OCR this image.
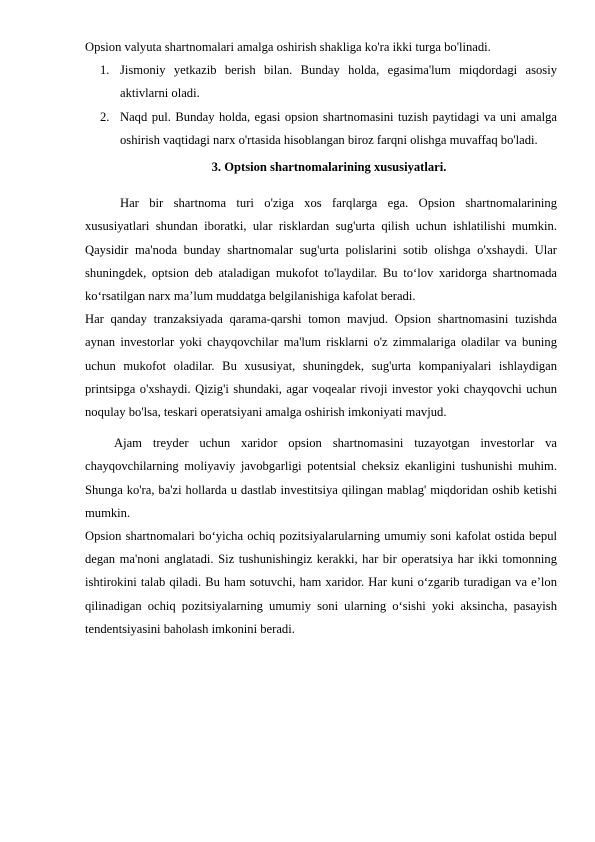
Opsion valyuta shartnomalari amalga oshirish shakliga ko'ra ikki turga bo'linadi.

1. Jismoniy yetkazib berish bilan. Bunday holda, egasima'lum miqdordagi asosiy aktivlarni oladi.
2. Naqd pul. Bunday holda, egasi opsion shartnomasini tuzish paytidagi va uni amalga oshirish vaqtidagi narx o'rtasida hisoblangan biroz farqni olishga muvaffaq bo'ladi.
3. Optsion shartnomalarining xususiyatlari.

Har bir shartnoma turi o'ziga xos farqlarga ega. Opsion shartnomalarining xususiyatlari shundan iboratki, ular risklardan sug'urta qilish uchun ishlatilishi mumkin. Qaysidir ma'noda bunday shartnomalar sug'urta polislarini sotib olishga o'xshaydi. Ular shuningdek, optsion deb ataladigan mukofot to'laydilar. Bu to‘lov xaridorga shartnomada ko‘rsatilgan narx ma’lum muddatga belgilanishiga kafolat beradi.

Har qanday tranzaksiyada qarama-qarshi tomon mavjud. Opsion shartnomasini tuzishda aynan investorlar yoki chayqovchilar ma'lum risklarni o'z zimmalariga oladilar va buning uchun mukofot oladilar. Bu xususiyat, shuningdek, sug'urta kompaniyalari ishlaydigan printsipga o'xshaydi. Qizig'i shundaki, agar voqealar rivoji investor yoki chayqovchi uchun noqulay bo'lsa, teskari operatsiyani amalga oshirish imkoniyati mavjud.

Ajam treyder uchun xaridor opsion shartnomasini tuzayotgan investorlar va chayqovchilarning moliyaviy javobgarligi potentsial cheksiz ekanligini tushunishi muhim. Shunga ko'ra, ba'zi hollarda u dastlab investitsiya qilingan mablag' miqdoridan oshib ketishi mumkin.

Opsion shartnomalari bo‘yicha ochiq pozitsiyalarularning umumiy soni kafolat ostida bepul degan ma'noni anglatadi. Siz tushunishingiz kerakki, har bir operatsiya har ikki tomonning ishtirokini talab qiladi. Bu ham sotuvchi, ham xaridor. Har kuni o‘zgarib turadigan va e’lon qilinadigan ochiq pozitsiyalarning umumiy soni ularning o‘sishi yoki aksincha, pasayish tendentsiyasini baholash imkonini beradi.
